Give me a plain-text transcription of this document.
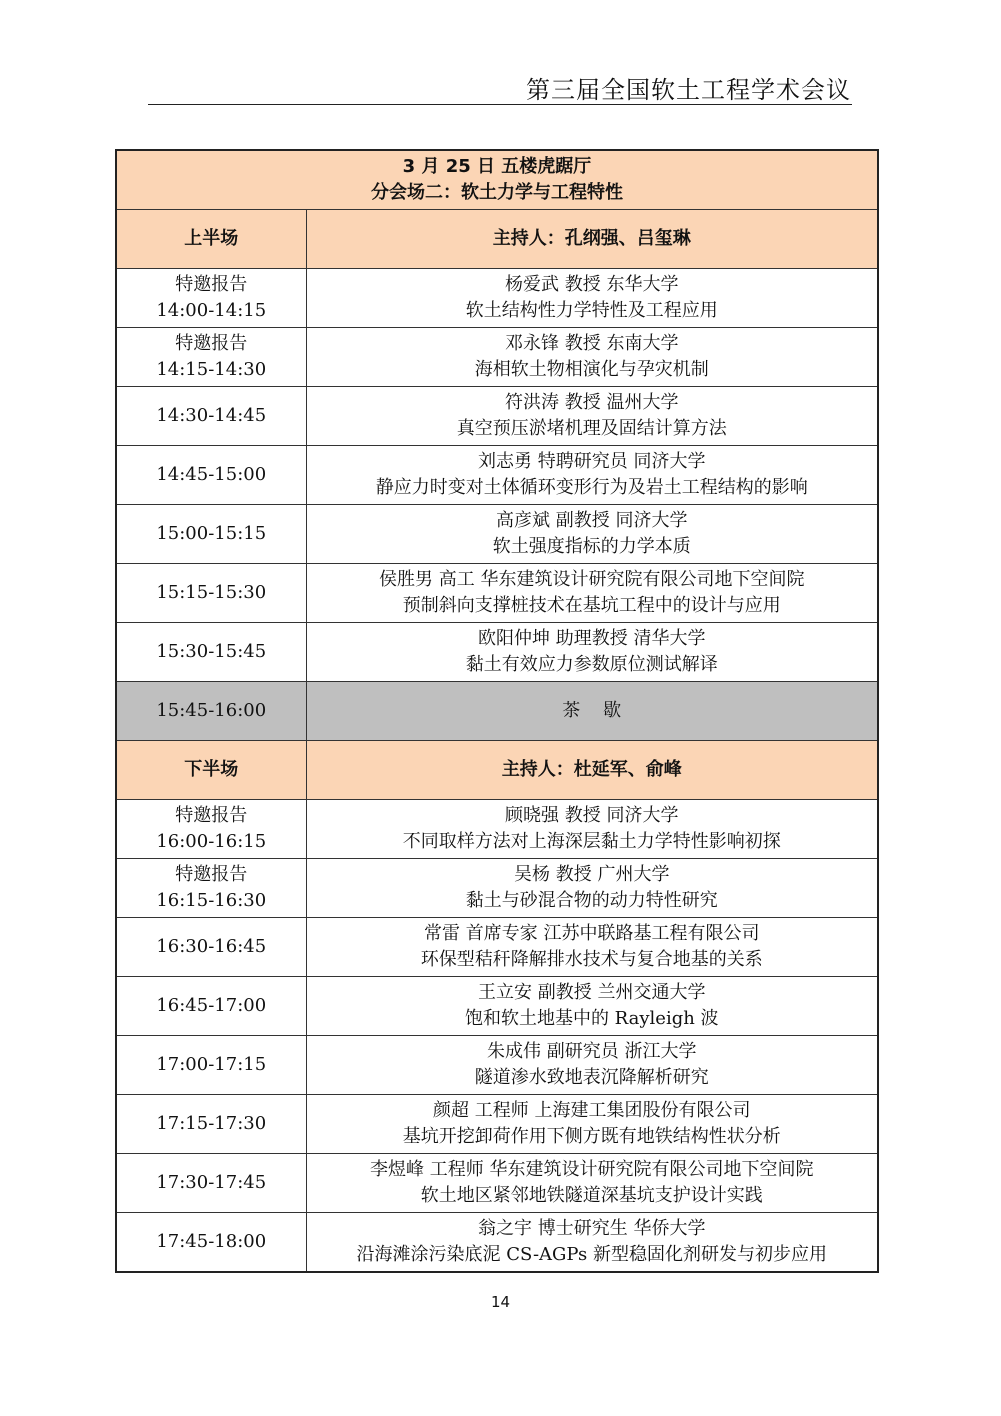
第三届全国软土工程学术会议
3 月 25 日 五楼虎踞厅
分会场二：软土力学与工程特性	

上半场	主持人：孔纲强、吕玺琳

特邀报告
14:00-14:15	杨爱武 教授 东华大学
软土结构性力学特性及工程应用

特邀报告
14:15-14:30	邓永锋 教授 东南大学
海相软土物相演化与孕灾机制

14:30-14:45	符洪涛 教授 温州大学
真空预压淤堵机理及固结计算方法

14:45-15:00	刘志勇 特聘研究员 同济大学
静应力时变对土体循环变形行为及岩土工程结构的影响

15:00-15:15	高彦斌 副教授 同济大学
软土强度指标的力学本质

15:15-15:30	侯胜男 高工 华东建筑设计研究院有限公司地下空间院
预制斜向支撑桩技术在基坑工程中的设计与应用

15:30-15:45	欧阳仲坤 助理教授 清华大学
黏土有效应力参数原位测试解译

15:45-16:00	茶    歇
下半场	主持人：杜延军、俞峰

特邀报告
16:00-16:15	顾晓强 教授 同济大学
不同取样方法对上海深层黏土力学特性影响初探

特邀报告
16:15-16:30	吴杨 教授 广州大学
黏土与砂混合物的动力特性研究

16:30-16:45	常雷 首席专家 江苏中联路基工程有限公司
环保型秸秆降解排水技术与复合地基的关系

16:45-17:00	王立安 副教授 兰州交通大学
饱和软土地基中的 Rayleigh 波

17:00-17:15	朱成伟 副研究员 浙江大学
隧道渗水致地表沉降解析研究

17:15-17:30	颜超 工程师 上海建工集团股份有限公司
基坑开挖卸荷作用下侧方既有地铁结构性状分析

17:30-17:45	李煜峰 工程师 华东建筑设计研究院有限公司地下空间院
软土地区紧邻地铁隧道深基坑支护设计实践

17:45-18:00	翁之宇 博士研究生 华侨大学
沿海滩涂污染底泥 CS-AGPs 新型稳固化剂研发与初步应用
14
